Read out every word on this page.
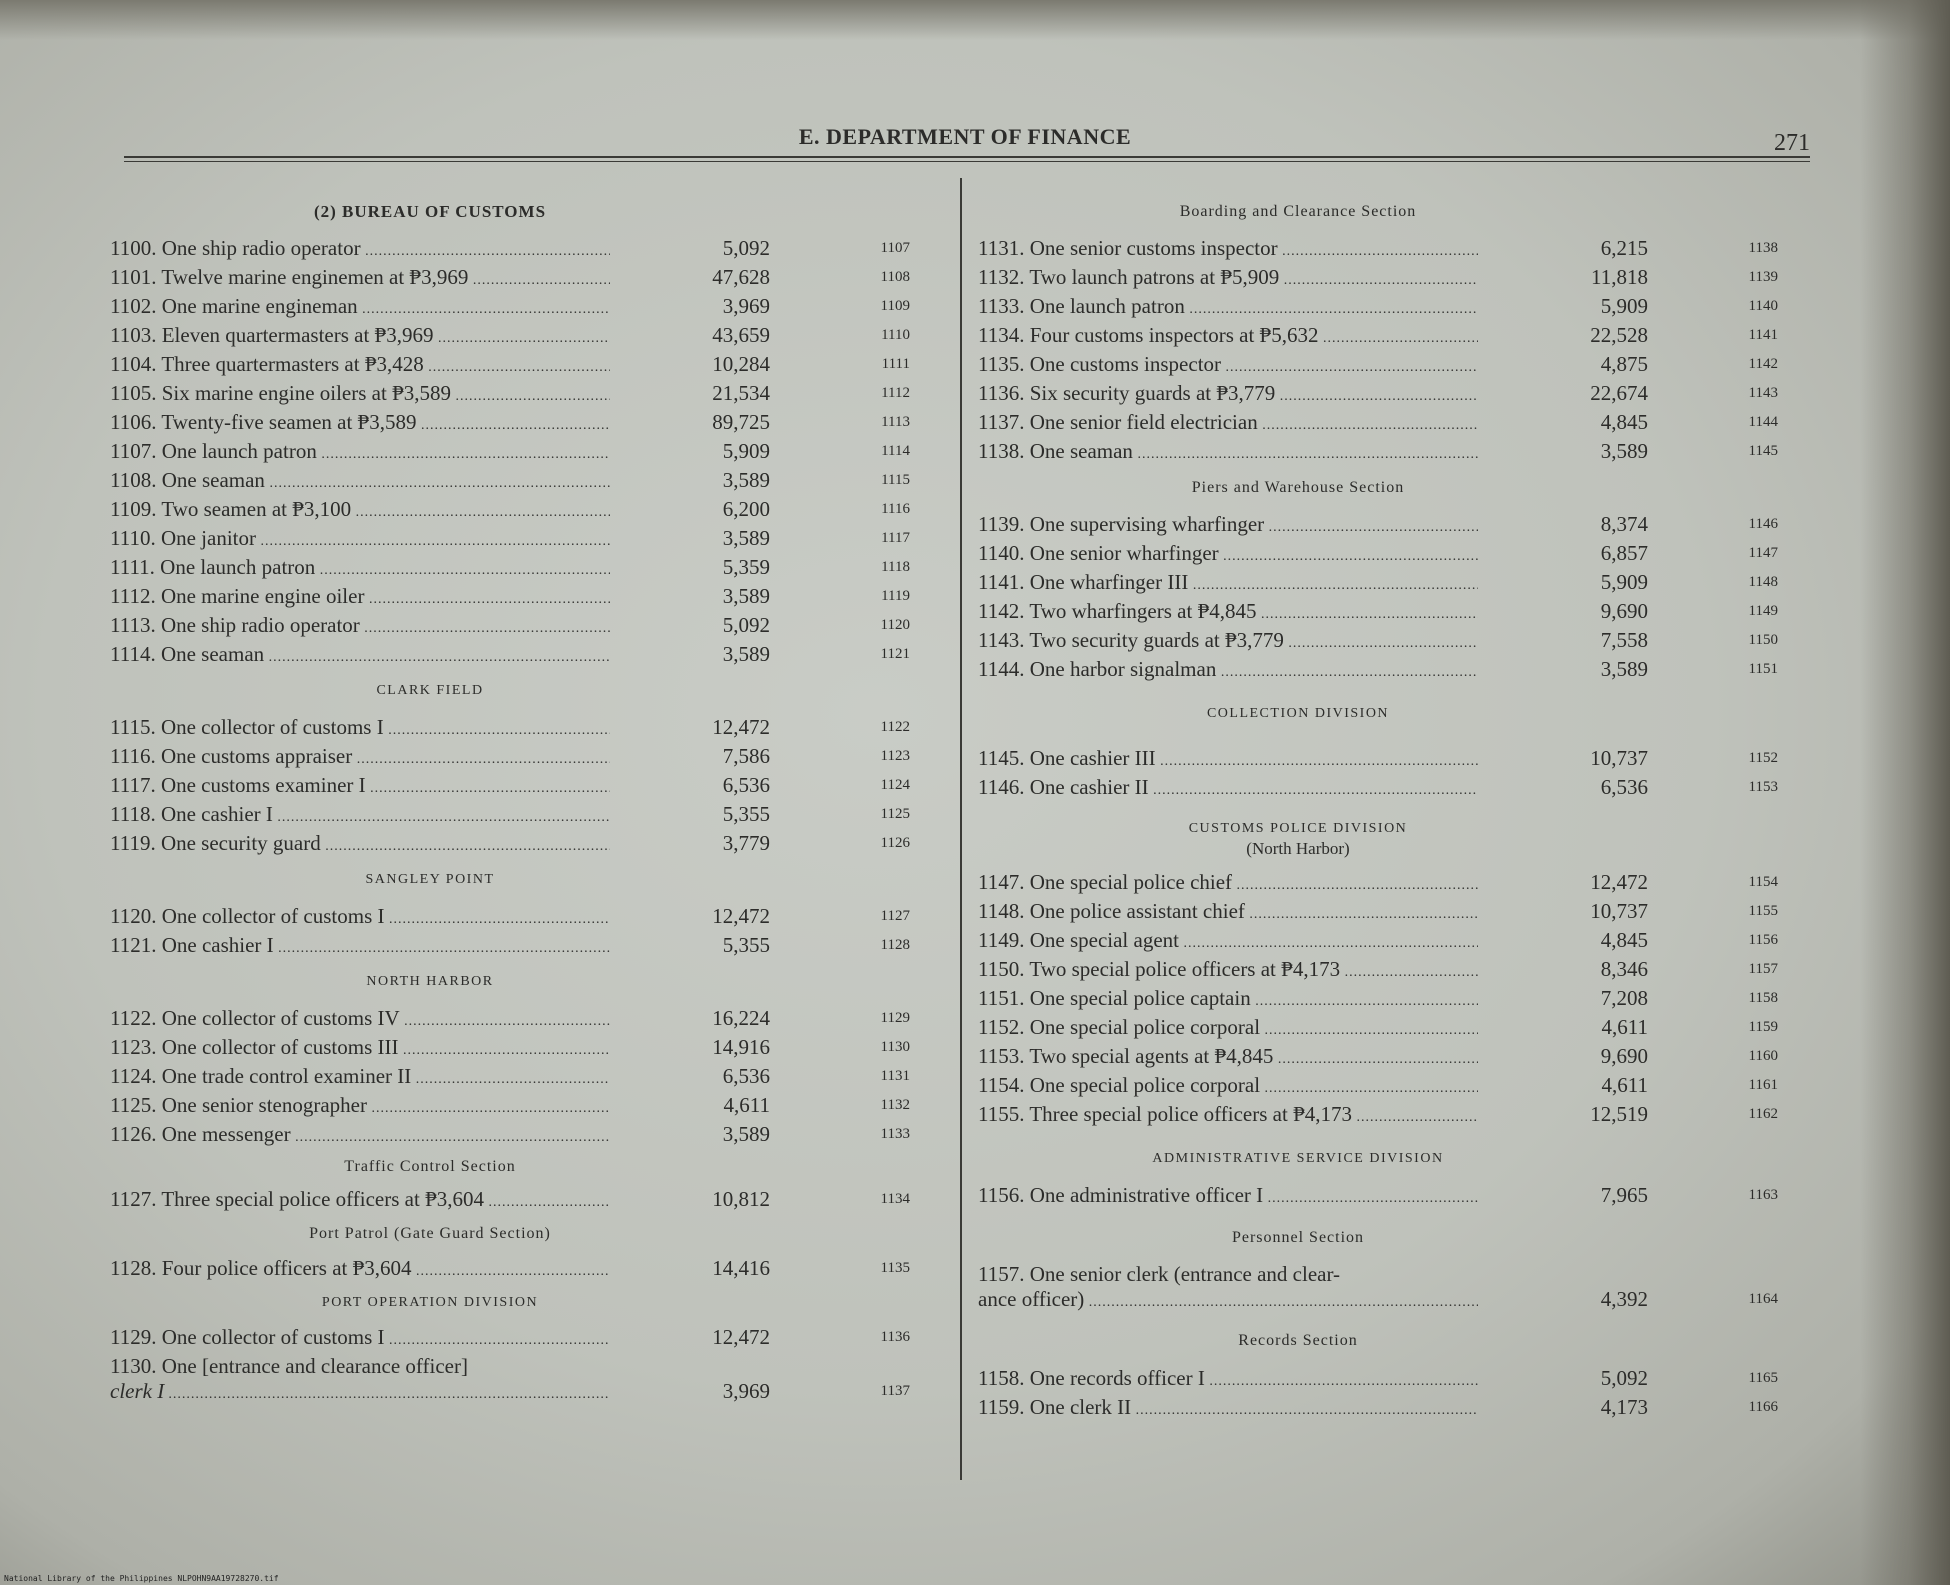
E. DEPARTMENT OF FINANCE	271
(2) BUREAU OF CUSTOMS
1100. One ship radio operator .....	5,092	1107
1101. Twelve marine enginemen at ₱3,969 .....	47,628	1108
1102. One marine engineman .....	3,969	1109
1103. Eleven quartermasters at ₱3,969 .....	43,659	1110
1104. Three quartermasters at ₱3,428 .....	10,284	1111
1105. Six marine engine oilers at ₱3,589 .....	21,534	1112
1106. Twenty-five seamen at ₱3,589 .....	89,725	1113
1107. One launch patron .....	5,909	1114
1108. One seaman .....	3,589	1115
1109. Two seamen at ₱3,100 .....	6,200	1116
1110. One janitor .....	3,589	1117
1111. One launch patron .....	5,359	1118
1112. One marine engine oiler .....	3,589	1119
1113. One ship radio operator .....	5,092	1120
1114. One seaman .....	3,589	1121
CLARK FIELD
1115. One collector of customs I .....	12,472	1122
1116. One customs appraiser .....	7,586	1123
1117. One customs examiner I .....	6,536	1124
1118. One cashier I .....	5,355	1125
1119. One security guard .....	3,779	1126
SANGLEY POINT
1120. One collector of customs I .....	12,472	1127
1121. One cashier I .....	5,355	1128
NORTH HARBOR
1122. One collector of customs IV .....	16,224	1129
1123. One collector of customs III .....	14,916	1130
1124. One trade control examiner II .....	6,536	1131
1125. One senior stenographer .....	4,611	1132
1126. One messenger .....	3,589	1133
Traffic Control Section
1127. Three special police officers at ₱3,604 .....	10,812	1134
Port Patrol (Gate Guard Section)
1128. Four police officers at ₱3,604 .....	14,416	1135
PORT OPERATION DIVISION
1129. One collector of customs I .....	12,472	1136
1130. One [entrance and clearance officer]
clerk I .....	3,969	1137
Boarding and Clearance Section
1131. One senior customs inspector .....	6,215	1138
1132. Two launch patrons at ₱5,909 .....	11,818	1139
1133. One launch patron .....	5,909	1140
1134. Four customs inspectors at ₱5,632 .....	22,528	1141
1135. One customs inspector .....	4,875	1142
1136. Six security guards at ₱3,779 .....	22,674	1143
1137. One senior field electrician .....	4,845	1144
1138. One seaman .....	3,589	1145
Piers and Warehouse Section
1139. One supervising wharfinger .....	8,374	1146
1140. One senior wharfinger .....	6,857	1147
1141. One wharfinger III .....	5,909	1148
1142. Two wharfingers at ₱4,845 .....	9,690	1149
1143. Two security guards at ₱3,779 .....	7,558	1150
1144. One harbor signalman .....	3,589	1151
COLLECTION DIVISION
1145. One cashier III .....	10,737	1152
1146. One cashier II .....	6,536	1153
CUSTOMS POLICE DIVISION
(North Harbor)
1147. One special police chief .....	12,472	1154
1148. One police assistant chief .....	10,737	1155
1149. One special agent .....	4,845	1156
1150. Two special police officers at ₱4,173 .....	8,346	1157
1151. One special police captain .....	7,208	1158
1152. One special police corporal .....	4,611	1159
1153. Two special agents at ₱4,845 .....	9,690	1160
1154. One special police corporal .....	4,611	1161
1155. Three special police officers at ₱4,173 .....	12,519	1162
ADMINISTRATIVE SERVICE DIVISION
1156. One administrative officer I .....	7,965	1163
Personnel Section
1157. One senior clerk (entrance and clear-
ance officer) .....	4,392	1164
Records Section
1158. One records officer I .....	5,092	1165
1159. One clerk II .....	4,173	1166
National Library of the Philippines NLPOHN9AA19728270.tif
